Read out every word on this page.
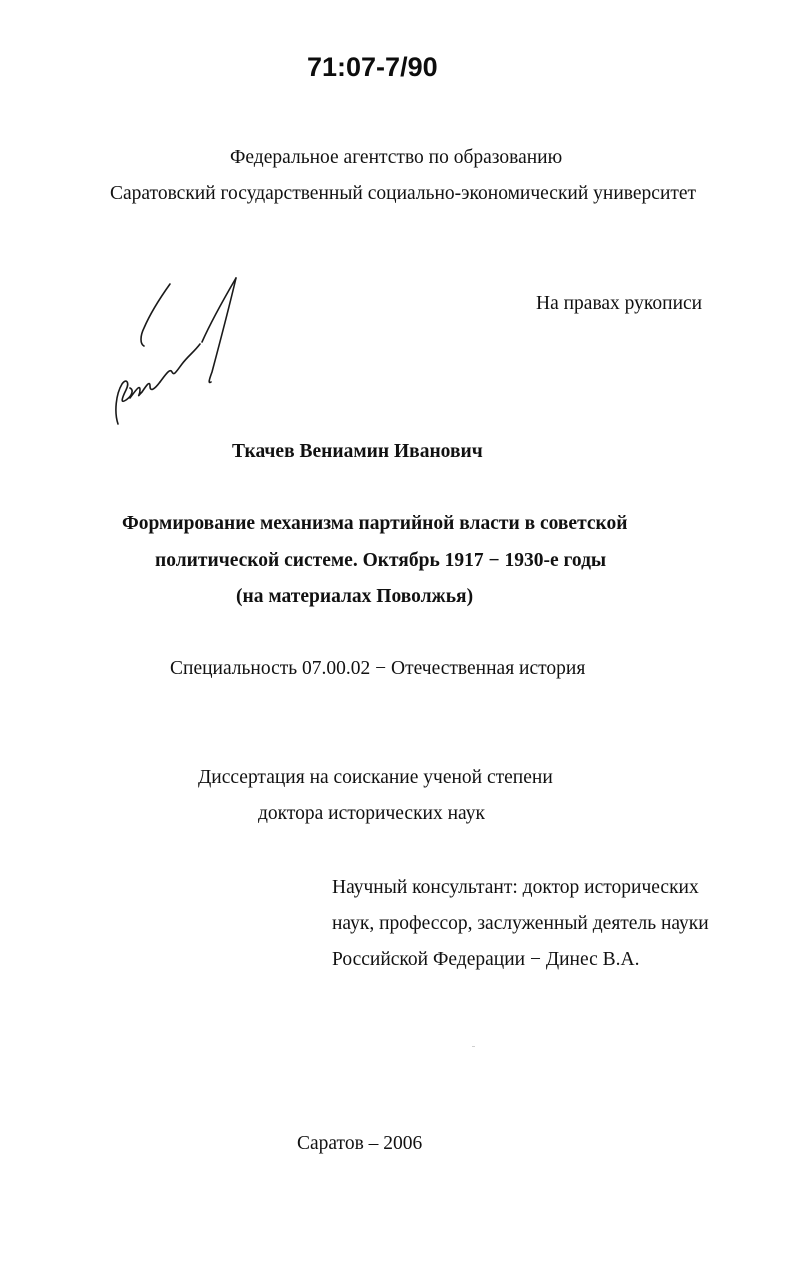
71:07-7/90
Федеральное агентство по образованию
Саратовский государственный социально-экономический университет
На правах рукописи
Ткачев Вениамин Иванович
Формирование механизма партийной власти в советской
политической системе. Октябрь 1917 − 1930-е годы
(на материалах Поволжья)
Специальность 07.00.02 − Отечественная история
Диссертация на соискание ученой степени
доктора исторических наук
Научный консультант: доктор исторических
наук, профессор, заслуженный деятель науки
Российской Федерации − Динес В.А.
Саратов – 2006
